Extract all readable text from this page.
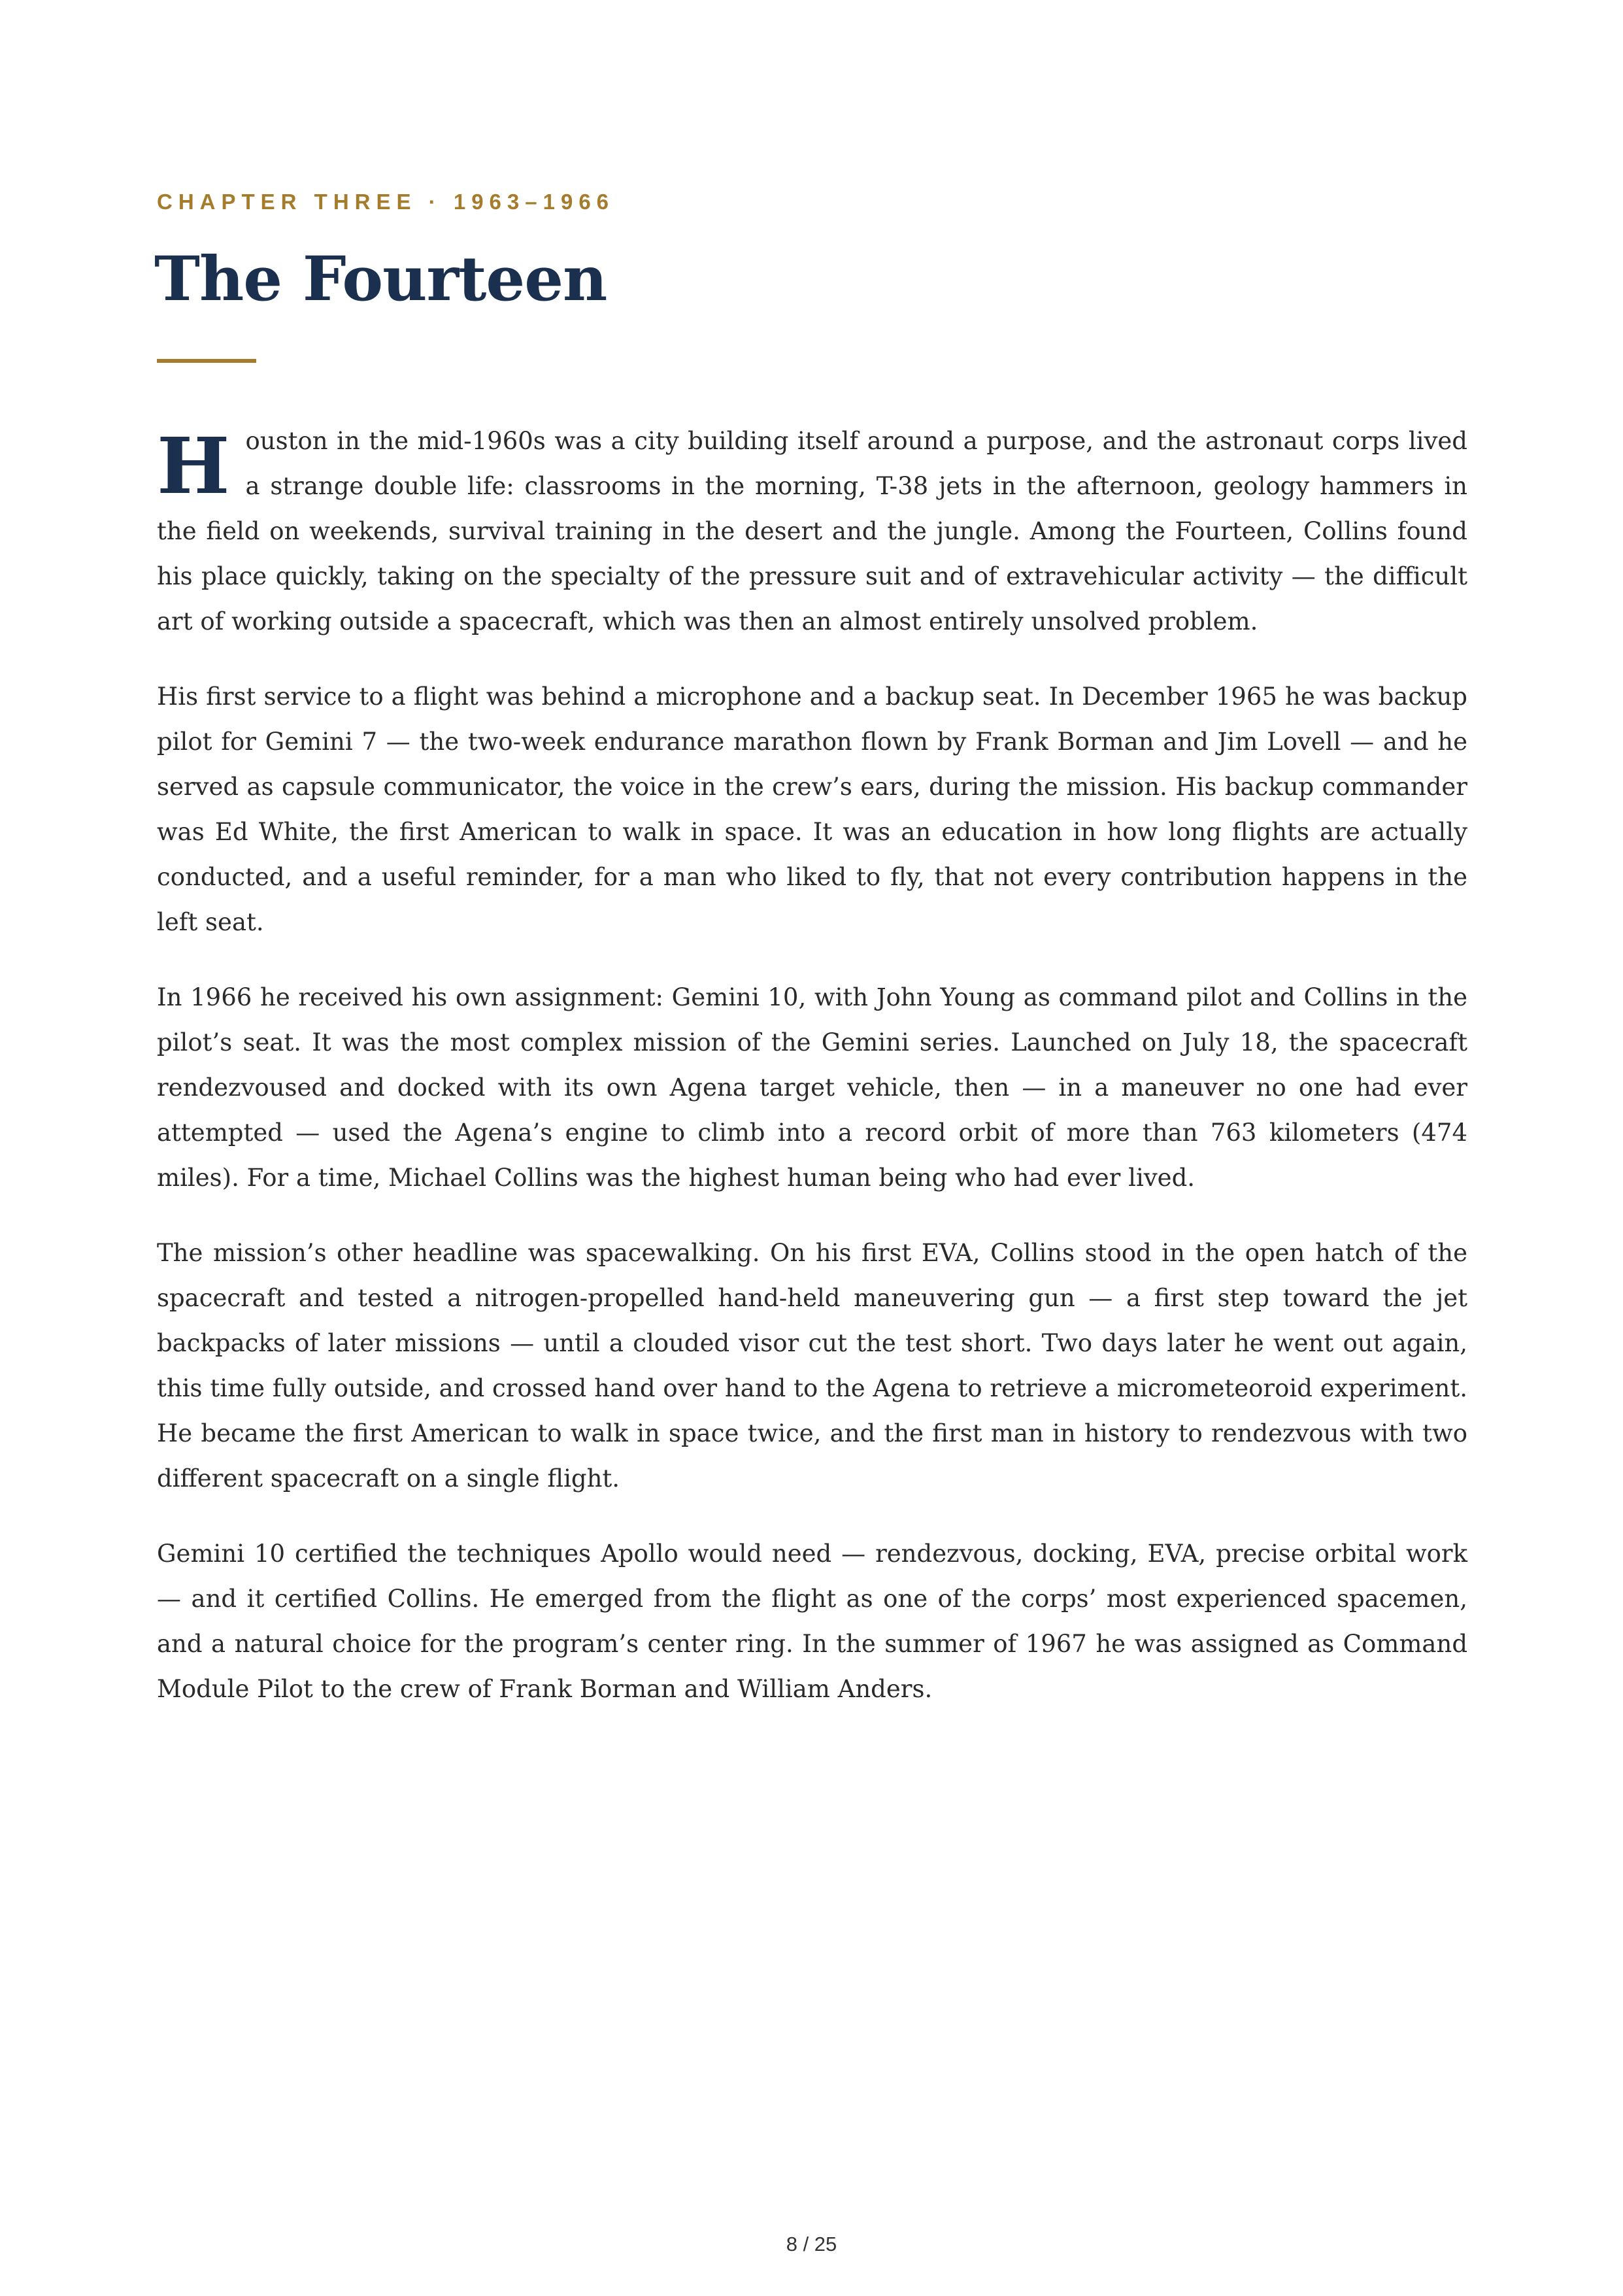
CHAPTER THREE · 1963–1966
The Fourteen

Houston in the mid-1960s was a city building itself around a purpose, and the astronaut corps lived a strange double life: classrooms in the morning, T-38 jets in the afternoon, geology hammers in the field on weekends, survival training in the desert and the jungle. Among the Fourteen, Collins found his place quickly, taking on the specialty of the pressure suit and of extravehicular activity — the difficult art of working outside a spacecraft, which was then an almost entirely unsolved problem.

His first service to a flight was behind a microphone and a backup seat. In December 1965 he was backup pilot for Gemini 7 — the two-week endurance marathon flown by Frank Borman and Jim Lovell — and he served as capsule communicator, the voice in the crew’s ears, during the mission. His backup commander was Ed White, the first American to walk in space. It was an education in how long flights are actually conducted, and a useful reminder, for a man who liked to fly, that not every contribution happens in the left seat.

In 1966 he received his own assignment: Gemini 10, with John Young as command pilot and Collins in the pilot’s seat. It was the most complex mission of the Gemini series. Launched on July 18, the spacecraft rendezvoused and docked with its own Agena target vehicle, then — in a maneuver no one had ever attempted — used the Agena’s engine to climb into a record orbit of more than 763 kilometers (474 miles). For a time, Michael Collins was the highest human being who had ever lived.

The mission’s other headline was spacewalking. On his first EVA, Collins stood in the open hatch of the spacecraft and tested a nitrogen-propelled hand-held maneuvering gun — a first step toward the jet backpacks of later missions — until a clouded visor cut the test short. Two days later he went out again, this time fully outside, and crossed hand over hand to the Agena to retrieve a micrometeoroid experiment. He became the first American to walk in space twice, and the first man in history to rendezvous with two different spacecraft on a single flight.

Gemini 10 certified the techniques Apollo would need — rendezvous, docking, EVA, precise orbital work — and it certified Collins. He emerged from the flight as one of the corps’ most experienced spacemen, and a natural choice for the program’s center ring. In the summer of 1967 he was assigned as Command Module Pilot to the crew of Frank Borman and William Anders.

8 / 25
